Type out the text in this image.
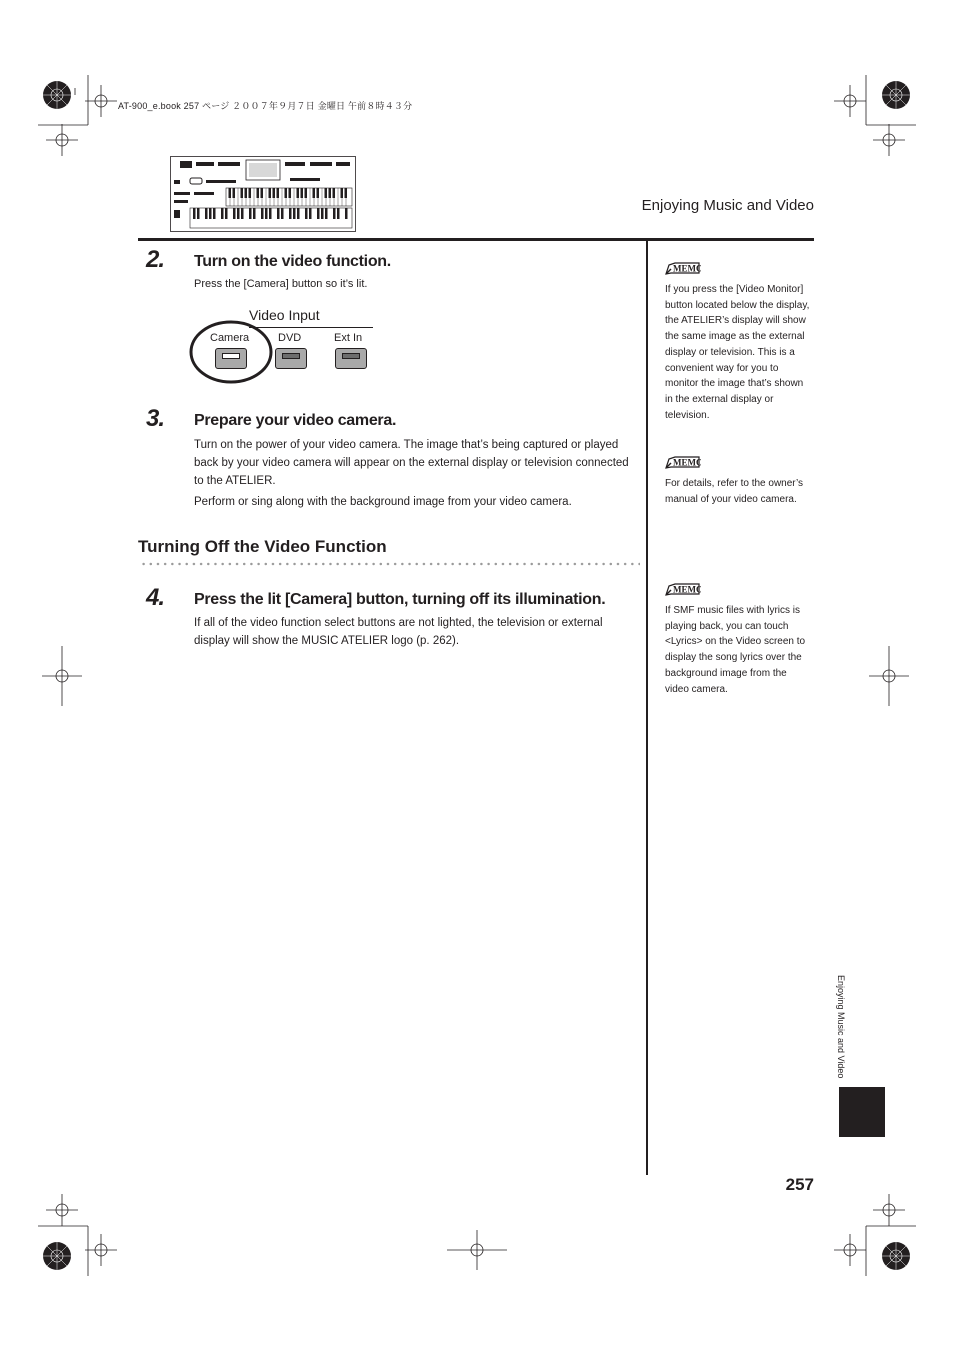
AT-900_e.book 257 ページ ２００７年９月７日 金曜日 午前８時４３分
Enjoying Music and Video
2. Turn on the video function.

Press the [Camera] button so it’s lit.

Video Input
Camera	DVD	Ext In
3. Prepare your video camera.

Turn on the power of your video camera. The image that’s being captured or played back by your video camera will appear on the external display or television connected to the ATELIER.

Perform or sing along with the background image from your video camera.

Turning Off the Video Function
4. Press the lit [Camera] button, turning off its illumination.

If all of the video function select buttons are not lighted, the television or external display will show the MUSIC ATELIER logo (p. 262).

MEMO
If you press the [Video Monitor] button located below the display, the ATELIER’s display will show the same image as the external display or television. This is a convenient way for you to monitor the image that’s shown in the external display or television.
MEMO
For details, refer to the owner’s manual of your video camera.
MEMO
If SMF music files with lyrics is playing back, you can touch <Lyrics> on the Video screen to display the song lyrics over the background image from the video camera.
Enjoying Music and Video
257
